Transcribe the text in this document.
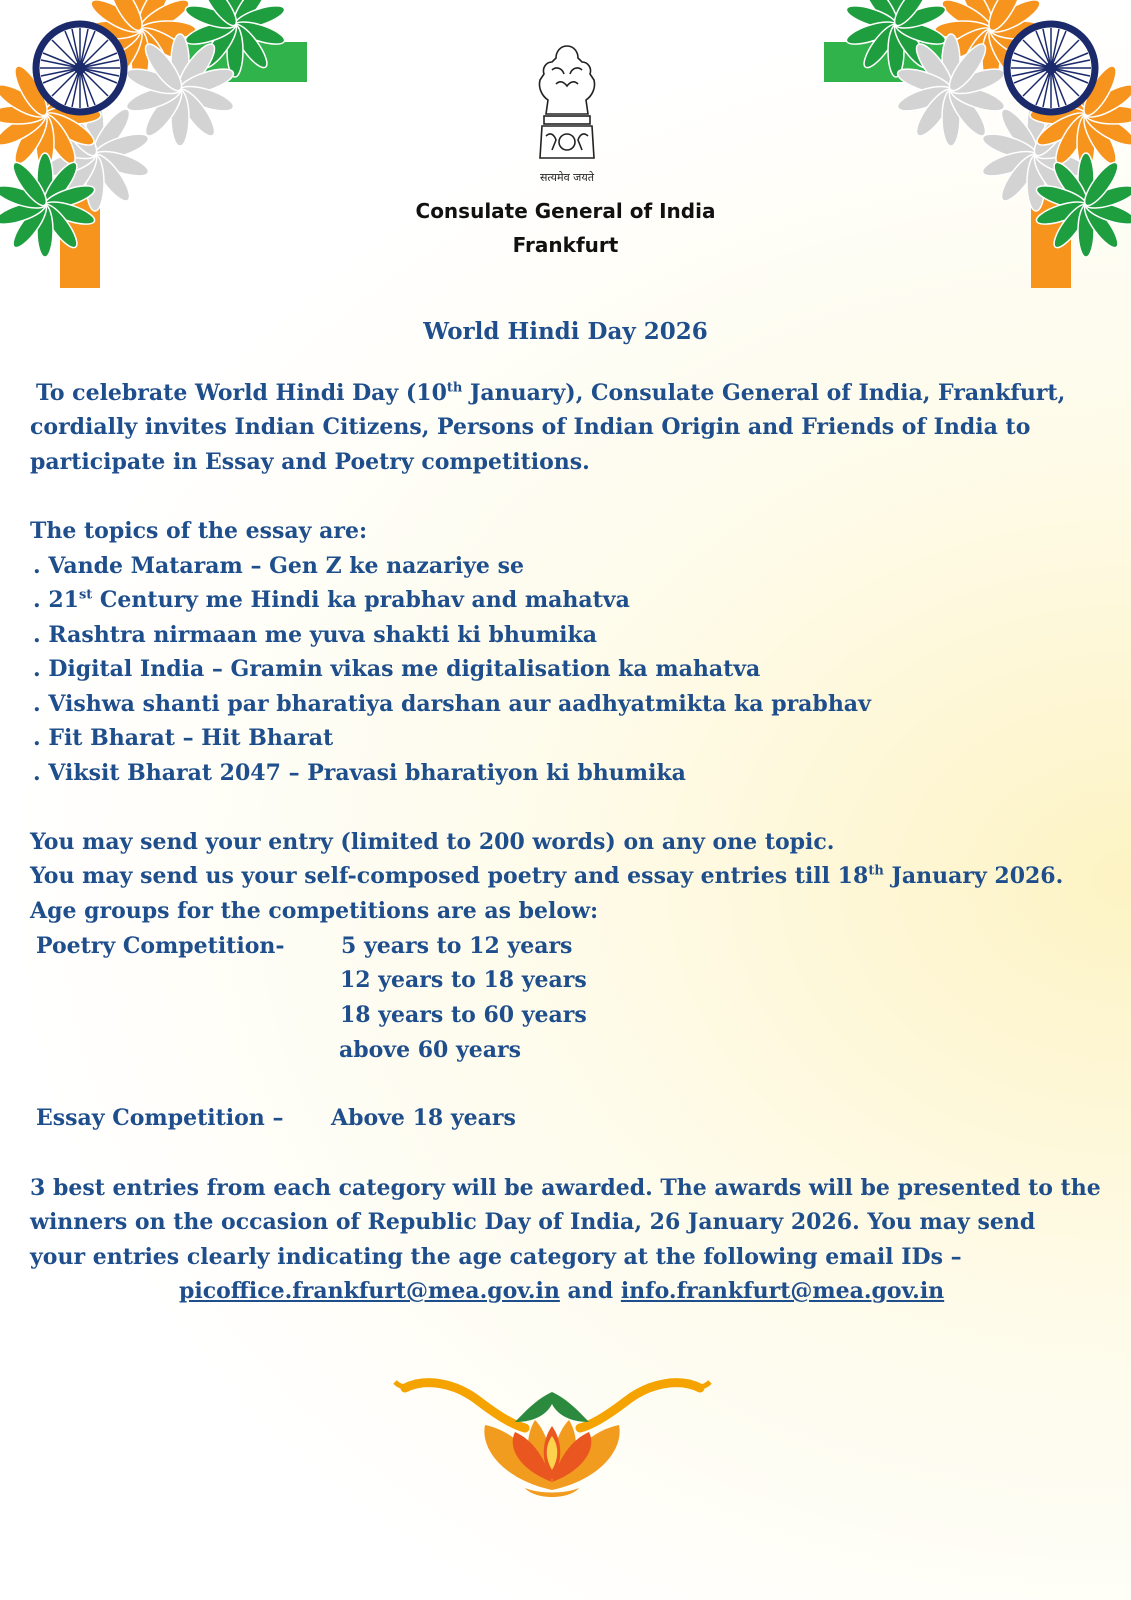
सत्यमेव जयते
Consulate General of India
Frankfurt
World Hindi Day 2026
To celebrate World Hindi Day (10th January), Consulate General of India, Frankfurt,
cordially invites Indian Citizens, Persons of Indian Origin and Friends of India to
participate in Essay and Poetry competitions.
The topics of the essay are:
. Vande Mataram – Gen Z ke nazariye se
. 21st Century me Hindi ka prabhav and mahatva
. Rashtra nirmaan me yuva shakti ki bhumika
. Digital India – Gramin vikas me digitalisation ka mahatva
. Vishwa shanti par bharatiya darshan aur aadhyatmikta ka prabhav
. Fit Bharat – Hit Bharat
. Viksit Bharat 2047 – Pravasi bharatiyon ki bhumika
You may send your entry (limited to 200 words) on any one topic.
You may send us your self-composed poetry and essay entries till 18th January 2026.
Age groups for the competitions are as below:
Poetry Competition-	5 years to 12 years
12 years to 18 years
18 years to 60 years
above 60 years
Essay Competition – Above 18 years
3 best entries from each category will be awarded. The awards will be presented to the
winners on the occasion of Republic Day of India, 26 January 2026. You may send
your entries clearly indicating the age category at the following email IDs –
picoffice.frankfurt@mea.gov.in and info.frankfurt@mea.gov.in
